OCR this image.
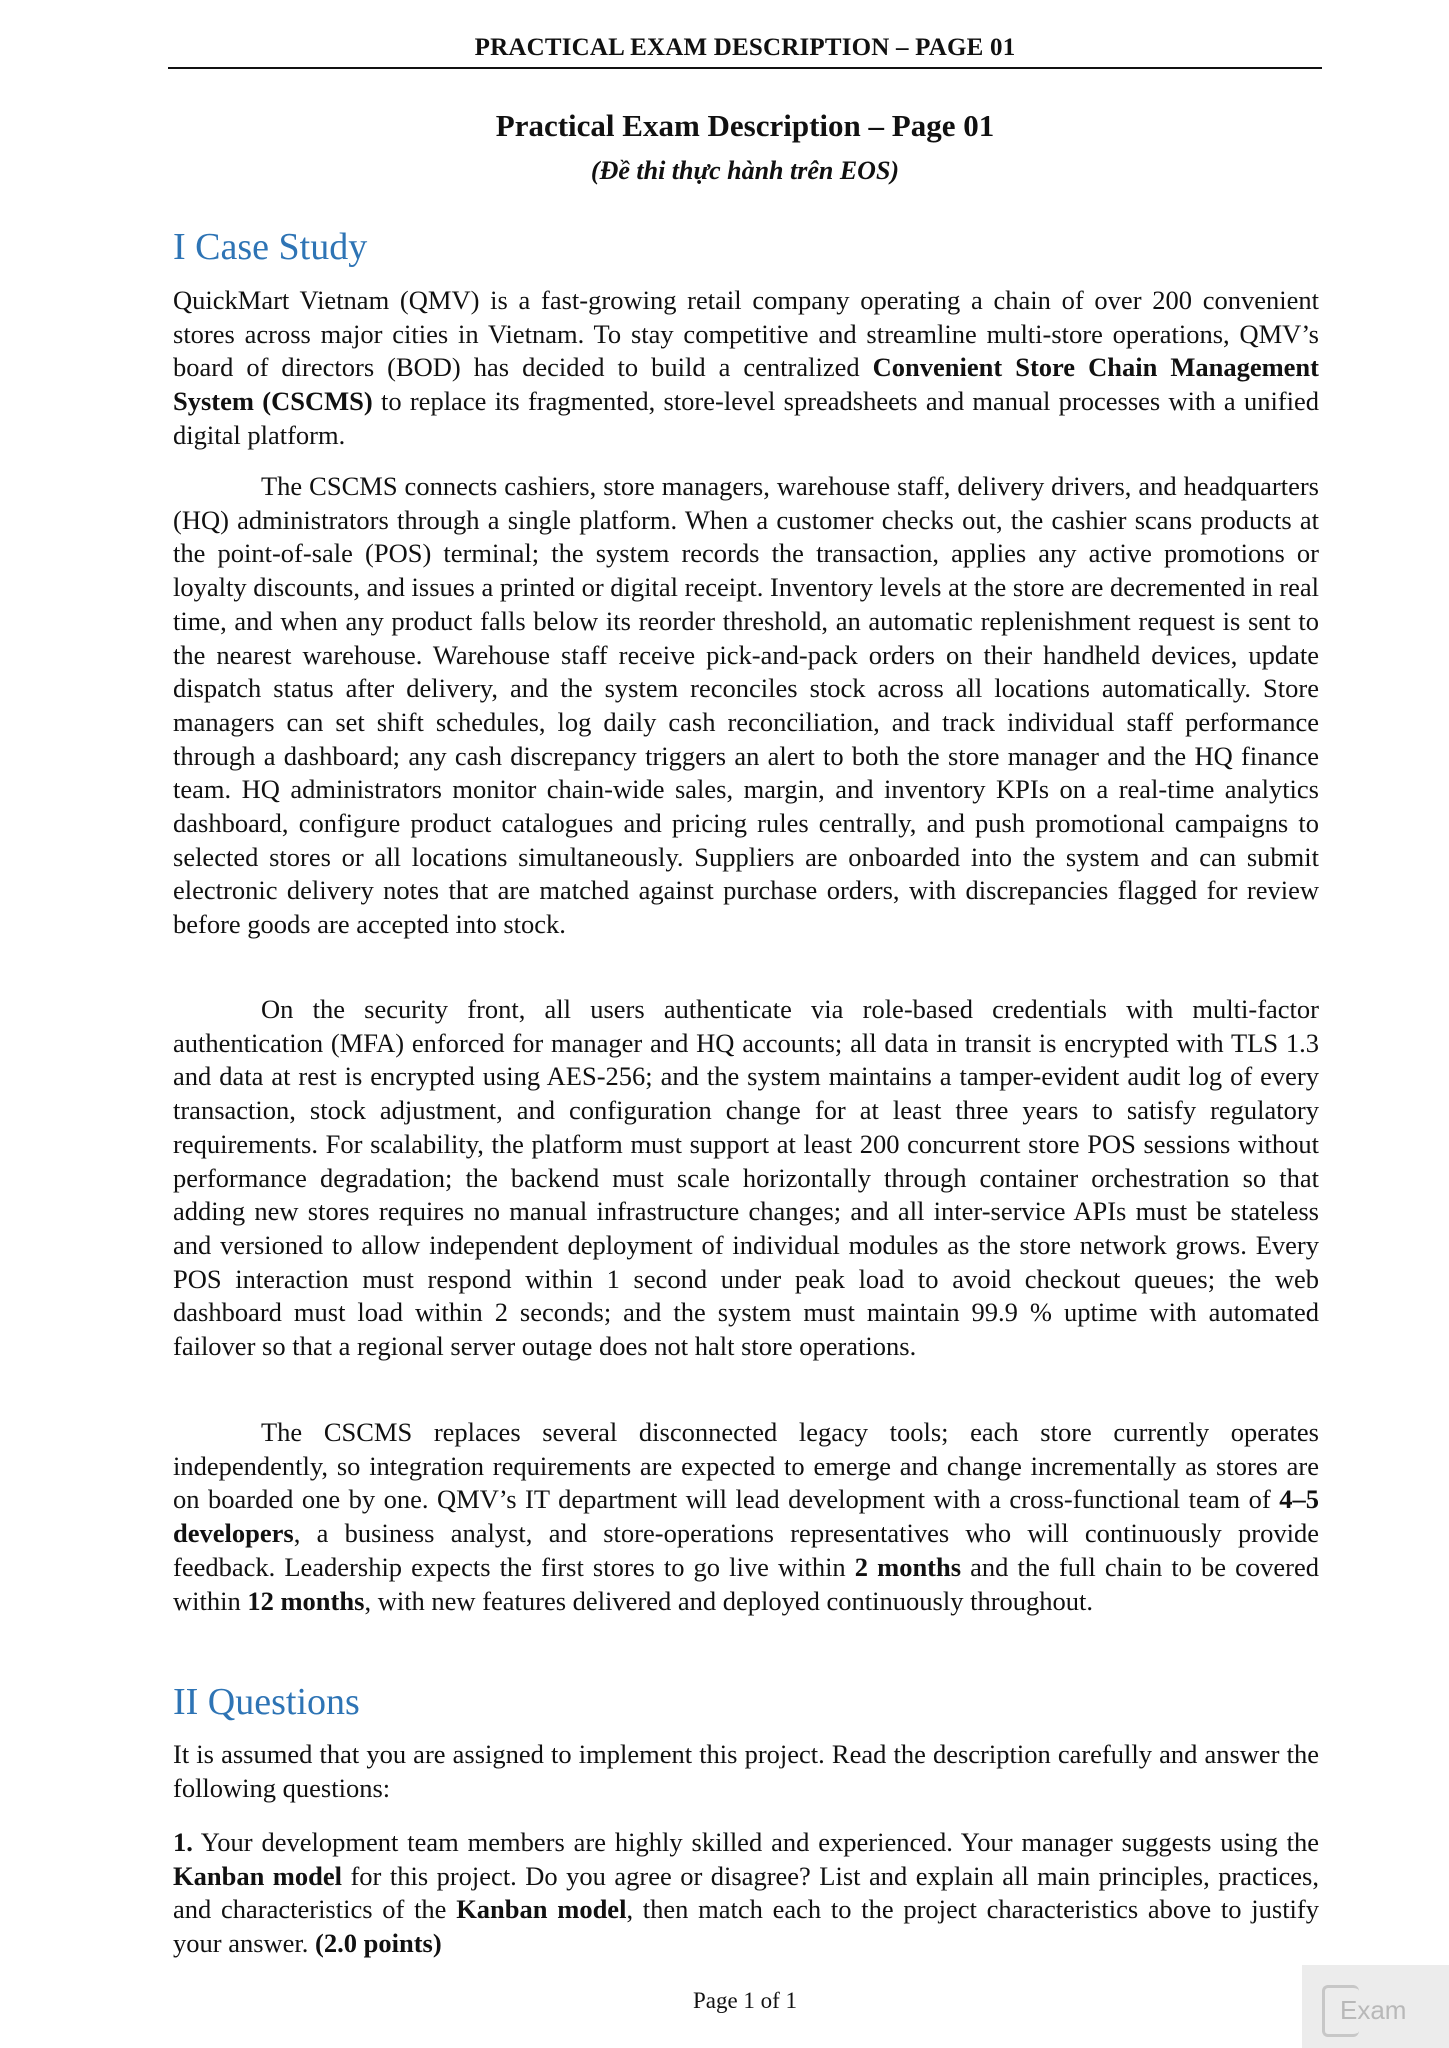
PRACTICAL EXAM DESCRIPTION – PAGE 01
Practical Exam Description – Page 01
(Đề thi thực hành trên EOS)
I Case Study

QuickMart Vietnam (QMV) is a fast-growing retail company operating a chain of over 200 convenient stores across major cities in Vietnam. To stay competitive and streamline multi-store operations, QMV’s board of directors (BOD) has decided to build a centralized Convenient Store Chain Management System (CSCMS) to replace its fragmented, store-level spreadsheets and manual processes with a unified digital platform.

The CSCMS connects cashiers, store managers, warehouse staff, delivery drivers, and headquarters (HQ) administrators through a single platform. When a customer checks out, the cashier scans products at the point-of-sale (POS) terminal; the system records the transaction, applies any active promotions or loyalty discounts, and issues a printed or digital receipt. Inventory levels at the store are decremented in real time, and when any product falls below its reorder threshold, an automatic replenishment request is sent to the nearest warehouse. Warehouse staff receive pick-and-pack orders on their handheld devices, update dispatch status after delivery, and the system reconciles stock across all locations automatically. Store managers can set shift schedules, log daily cash reconciliation, and track individual staff performance through a dashboard; any cash discrepancy triggers an alert to both the store manager and the HQ finance team. HQ administrators monitor chain-wide sales, margin, and inventory KPIs on a real-time analytics dashboard, configure product catalogues and pricing rules centrally, and push promotional campaigns to selected stores or all locations simultaneously. Suppliers are onboarded into the system and can submit electronic delivery notes that are matched against purchase orders, with discrepancies flagged for review before goods are accepted into stock.

On the security front, all users authenticate via role-based credentials with multi-factor authentication (MFA) enforced for manager and HQ accounts; all data in transit is encrypted with TLS 1.3 and data at rest is encrypted using AES-256; and the system maintains a tamper-evident audit log of every transaction, stock adjustment, and configuration change for at least three years to satisfy regulatory requirements. For scalability, the platform must support at least 200 concurrent store POS sessions without performance degradation; the backend must scale horizontally through container orchestration so that adding new stores requires no manual infrastructure changes; and all inter-service APIs must be stateless and versioned to allow independent deployment of individual modules as the store network grows. Every POS interaction must respond within 1 second under peak load to avoid checkout queues; the web dashboard must load within 2 seconds; and the system must maintain 99.9 % uptime with automated failover so that a regional server outage does not halt store operations.

The CSCMS replaces several disconnected legacy tools; each store currently operates independently, so integration requirements are expected to emerge and change incrementally as stores are on boarded one by one. QMV’s IT department will lead development with a cross-functional team of 4–5 developers, a business analyst, and store-operations representatives who will continuously provide feedback. Leadership expects the first stores to go live within 2 months and the full chain to be covered within 12 months, with new features delivered and deployed continuously throughout.

II Questions

It is assumed that you are assigned to implement this project. Read the description carefully and answer the following questions:

1. Your development team members are highly skilled and experienced. Your manager suggests using the Kanban model for this project. Do you agree or disagree? List and explain all main principles, practices, and characteristics of the Kanban model, then match each to the project characteristics above to justify your answer. (2.0 points)

Page 1 of 1	Exam
